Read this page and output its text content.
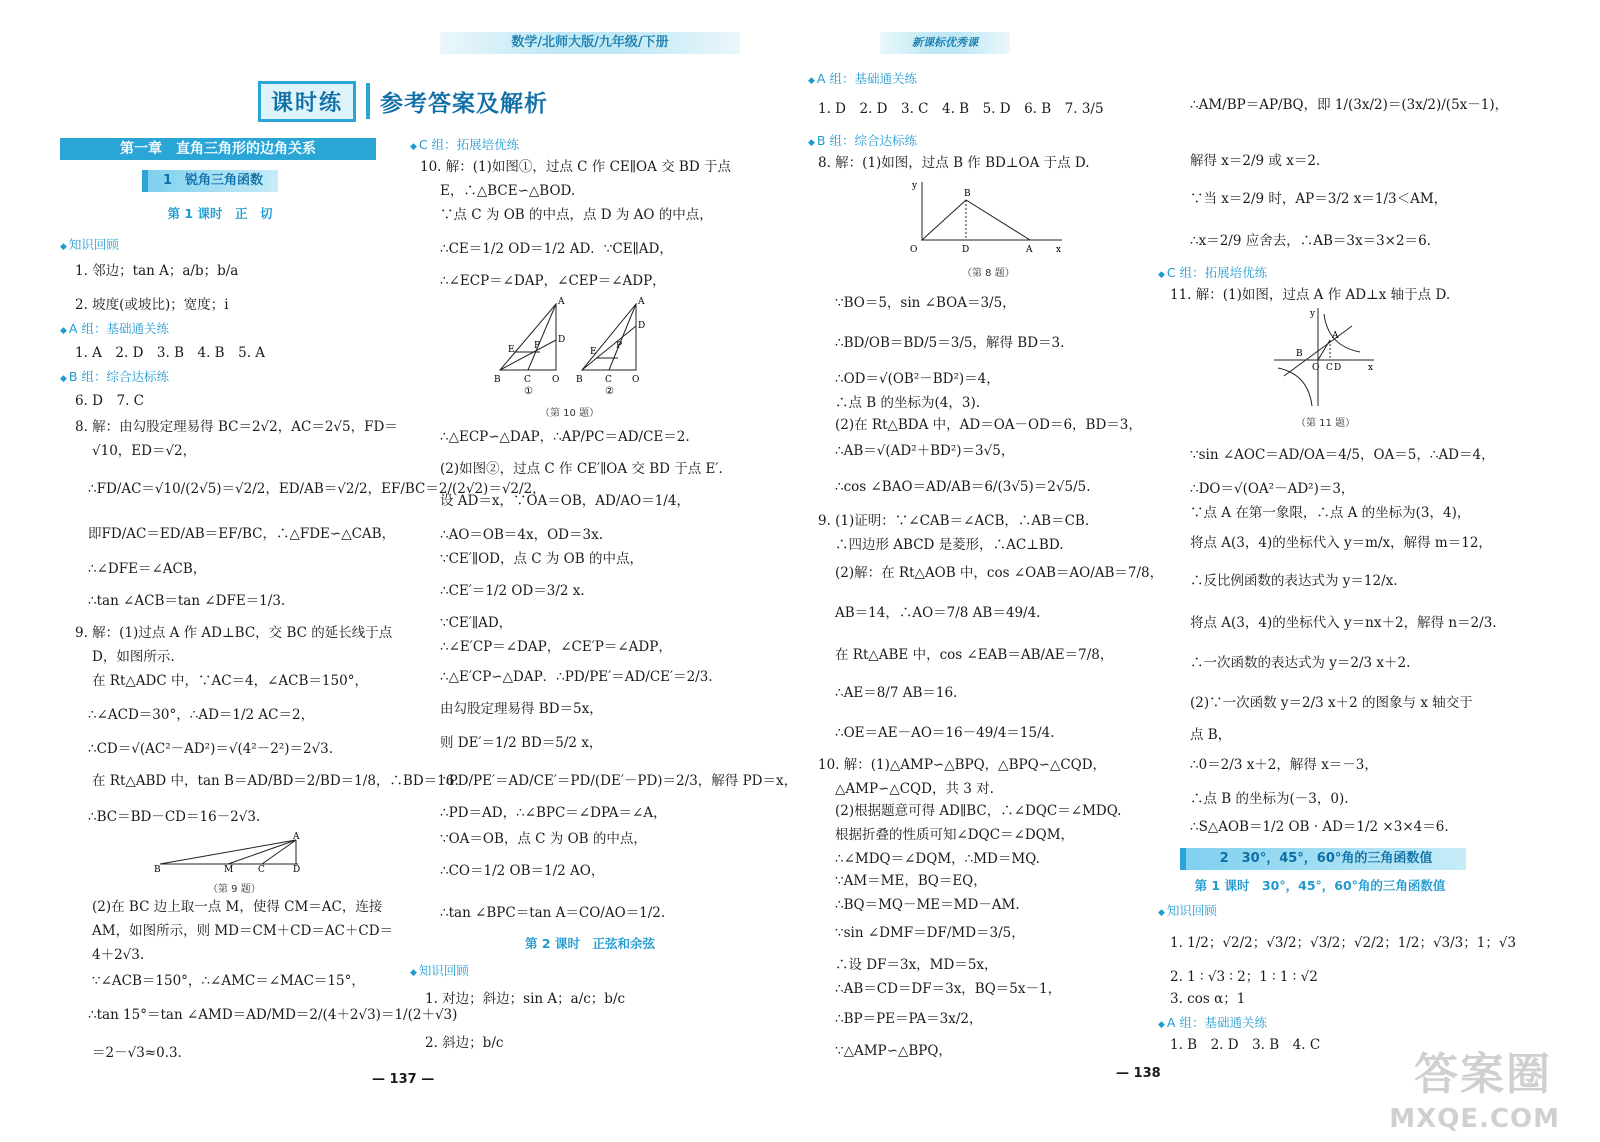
数学/北师大版/九年级/下册	新课标优秀课
课时练	参考答案及解析
第一章　直角三角形的边角关系
1　锐角三角函数
第 1 课时　正　切
◆ 知识回顾
1. 邻边；tan A；a/b；b/a
2. 坡度(或坡比)；宽度；i
◆ A 组：基础通关练
1. A　2. D　3. B　4. B　5. A
◆ B 组：综合达标练
6. D　7. C
8. 解：由勾股定理易得 BC＝2√2，AC＝2√5，FD＝
√10，ED＝√2，
∴FD/AC＝√10/(2√5)＝√2/2，ED/AB＝√2/2，EF/BC＝2/(2√2)＝√2/2，
即FD/AC＝ED/AB＝EF/BC，∴△FDE∽△CAB，
∴∠DFE＝∠ACB，
∴tan ∠ACB＝tan ∠DFE＝1/3.
9. 解：(1)过点 A 作 AD⊥BC，交 BC 的延长线于点
D，如图所示.
在 Rt△ADC 中，∵AC＝4，∠ACB＝150°，
∴∠ACD＝30°，∴AD＝1/2 AC＝2，
∴CD＝√(AC²－AD²)＝√(4²－2²)＝2√3.
在 Rt△ABD 中，tan B＝AD/BD＝2/BD＝1/8，∴BD＝16.
∴BC＝BD－CD＝16－2√3.
(2)在 BC 边上取一点 M，使得 CM＝AC，连接
AM，如图所示，则 MD＝CM＋CD＝AC＋CD＝
4＋2√3.
∵∠ACB＝150°，∴∠AMC＝∠MAC＝15°，
∴tan 15°＝tan ∠AMD＝AD/MD＝2/(4＋2√3)＝1/(2＋√3)
＝2－√3≈0.3.
◆ C 组：拓展培优练
10. 解：(1)如图①，过点 C 作 CE∥OA 交 BD 于点
E，∴△BCE∽△BOD.
∵点 C 为 OB 的中点，点 D 为 AO 的中点，
∴CE＝1/2 OD＝1/2 AD．∵CE∥AD，
∴∠ECP＝∠DAP，∠CEP＝∠ADP，
∴△ECP∽△DAP，∴AP/PC＝AD/CE＝2.
(2)如图②，过点 C 作 CE′∥OA 交 BD 于点 E′.
设 AD＝x，∵OA＝OB，AD/AO＝1/4，
∴AO＝OB＝4x，OD＝3x.
∵CE′∥OD，点 C 为 OB 的中点，
∴CE′＝1/2 OD＝3/2 x.
∵CE′∥AD，
∴∠E′CP＝∠DAP，∠CE′P＝∠ADP，
∴△E′CP∽△DAP．∴PD/PE′＝AD/CE′＝2/3.
由勾股定理易得 BD＝5x，
则 DE′＝1/2 BD＝5/2 x，
∴PD/PE′＝AD/CE′＝PD/(DE′－PD)＝2/3，解得 PD＝x，
∴PD＝AD，∴∠BPC＝∠DPA＝∠A，
∵OA＝OB，点 C 为 OB 的中点，
∴CO＝1/2 OB＝1/2 AO，
∴tan ∠BPC＝tan A＝CO/AO＝1/2.
◆ 知识回顾
1. 对边；斜边；sin A；a/c；b/c
2. 斜边；b/c
◆ A 组：基础通关练
1. D　2. D　3. C　4. B　5. D　6. B　7. 3/5
◆ B 组：综合达标练
8. 解：(1)如图，过点 B 作 BD⊥OA 于点 D.
∵BO＝5，sin ∠BOA＝3/5，
∴BD/OB＝BD/5＝3/5，解得 BD＝3.
∴OD＝√(OB²－BD²)＝4，
∴点 B 的坐标为(4，3).
(2)在 Rt△BDA 中，AD＝OA－OD＝6，BD＝3，
∴AB＝√(AD²＋BD²)＝3√5，
∴cos ∠BAO＝AD/AB＝6/(3√5)＝2√5/5.
9. (1)证明：∵∠CAB＝∠ACB，∴AB＝CB.
∴四边形 ABCD 是菱形，∴AC⊥BD.
(2)解：在 Rt△AOB 中，cos ∠OAB＝AO/AB＝7/8，
AB＝14，∴AO＝7/8 AB＝49/4.
在 Rt△ABE 中，cos ∠EAB＝AB/AE＝7/8，
∴AE＝8/7 AB＝16.
∴OE＝AE－AO＝16－49/4＝15/4.
10. 解：(1)△AMP∽△BPQ，△BPQ∽△CQD，
△AMP∽△CQD，共 3 对.
(2)根据题意可得 AD∥BC，∴∠DQC＝∠MDQ.
根据折叠的性质可知∠DQC＝∠DQM，
∴∠MDQ＝∠DQM，∴MD＝MQ.
∵AM＝ME，BQ＝EQ，
∴BQ＝MQ－ME＝MD－AM.
∵sin ∠DMF＝DF/MD＝3/5，
∴设 DF＝3x，MD＝5x，
∴AB＝CD＝DF＝3x，BQ＝5x－1，
∴BP＝PE＝PA＝3x/2，
∵△AMP∽△BPQ，
∴AM/BP＝AP/BQ，即 1/(3x/2)＝(3x/2)/(5x－1)，
解得 x＝2/9 或 x＝2.
∵当 x＝2/9 时，AP＝3/2 x＝1/3＜AM，
∴x＝2/9 应舍去，∴AB＝3x＝3×2＝6.
◆ C 组：拓展培优练
11. 解：(1)如图，过点 A 作 AD⊥x 轴于点 D.
∵sin ∠AOC＝AD/OA＝4/5，OA＝5，∴AD＝4，
∴DO＝√(OA²－AD²)＝3，
∵点 A 在第一象限，∴点 A 的坐标为(3，4)，
将点 A(3，4)的坐标代入 y＝m/x，解得 m＝12，
∴反比例函数的表达式为 y＝12/x.
将点 A(3，4)的坐标代入 y＝nx＋2，解得 n＝2/3.
∴一次函数的表达式为 y＝2/3 x＋2.
(2)∵一次函数 y＝2/3 x＋2 的图象与 x 轴交于
点 B，
∴0＝2/3 x＋2，解得 x＝－3，
∴点 B 的坐标为(－3，0).
∴S△AOB＝1/2 OB · AD＝1/2 ×3×4＝6.
◆ 知识回顾
1. 1/2；√2/2；√3/2；√3/2；√2/2；1/2；√3/3；1；√3
2. 1 ∶ √3 ∶ 2；1 ∶ 1 ∶ √2
3. cos α；1
◆ A 组：基础通关练
1. B　2. D　3. B　4. C
B	M	C	D
A
（第 9 题）
B	C O
A
D
P
E
B C O
A
D
P
E
①	②
（第 10 题）
y
x
O	D	A
B
（第 8 题）
y
x
O C D
A
B
（第 11 题）
第 2 课时　正弦和余弦
2　30°，45°，60°角的三角函数值
第 1 课时　30°，45°，60°角的三角函数值
— 137 —	— 138	答案圈
MXQE.COM
